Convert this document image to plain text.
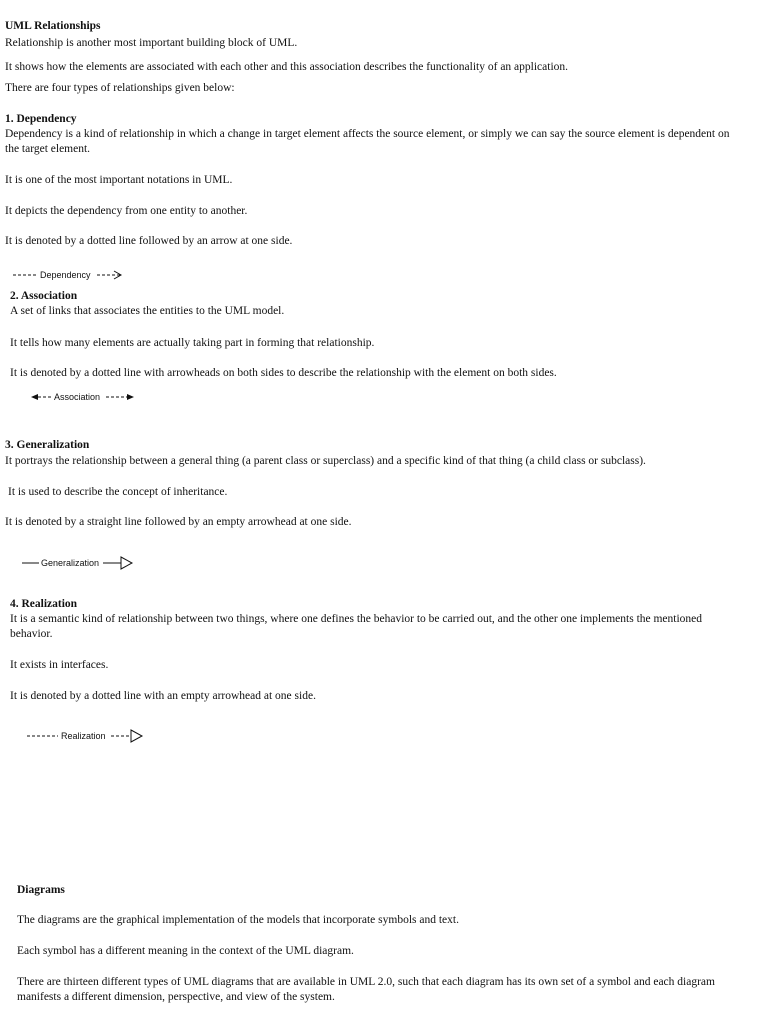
UML Relationships
Relationship is another most important building block of UML.
It shows how the elements are associated with each other and this association describes the functionality of an application.
There are four types of relationships given below:
1. Dependency
Dependency is a kind of relationship in which a change in target element affects the source element, or simply we can say the source element is dependent on the target element.
It is one of the most important notations in UML.
It depicts the dependency from one entity to another.
It is denoted by a dotted line followed by an arrow at one side.
Dependency
2. Association
A set of links that associates the entities to the UML model.
It tells how many elements are actually taking part in forming that relationship.
It is denoted by a dotted line with arrowheads on both sides to describe the relationship with the element on both sides.
Association
3. Generalization
It portrays the relationship between a general thing (a parent class or superclass) and a specific kind of that thing (a child class or subclass).
It is used to describe the concept of inheritance.
It is denoted by a straight line followed by an empty arrowhead at one side.
Generalization
4. Realization
It is a semantic kind of relationship between two things, where one defines the behavior to be carried out, and the other one implements the mentioned behavior.
It exists in interfaces.
It is denoted by a dotted line with an empty arrowhead at one side.
Realization
Diagrams
The diagrams are the graphical implementation of the models that incorporate symbols and text.
Each symbol has a different meaning in the context of the UML diagram.
There are thirteen different types of UML diagrams that are available in UML 2.0, such that each diagram has its own set of a symbol and each diagram manifests a different dimension, perspective, and view of the system.
